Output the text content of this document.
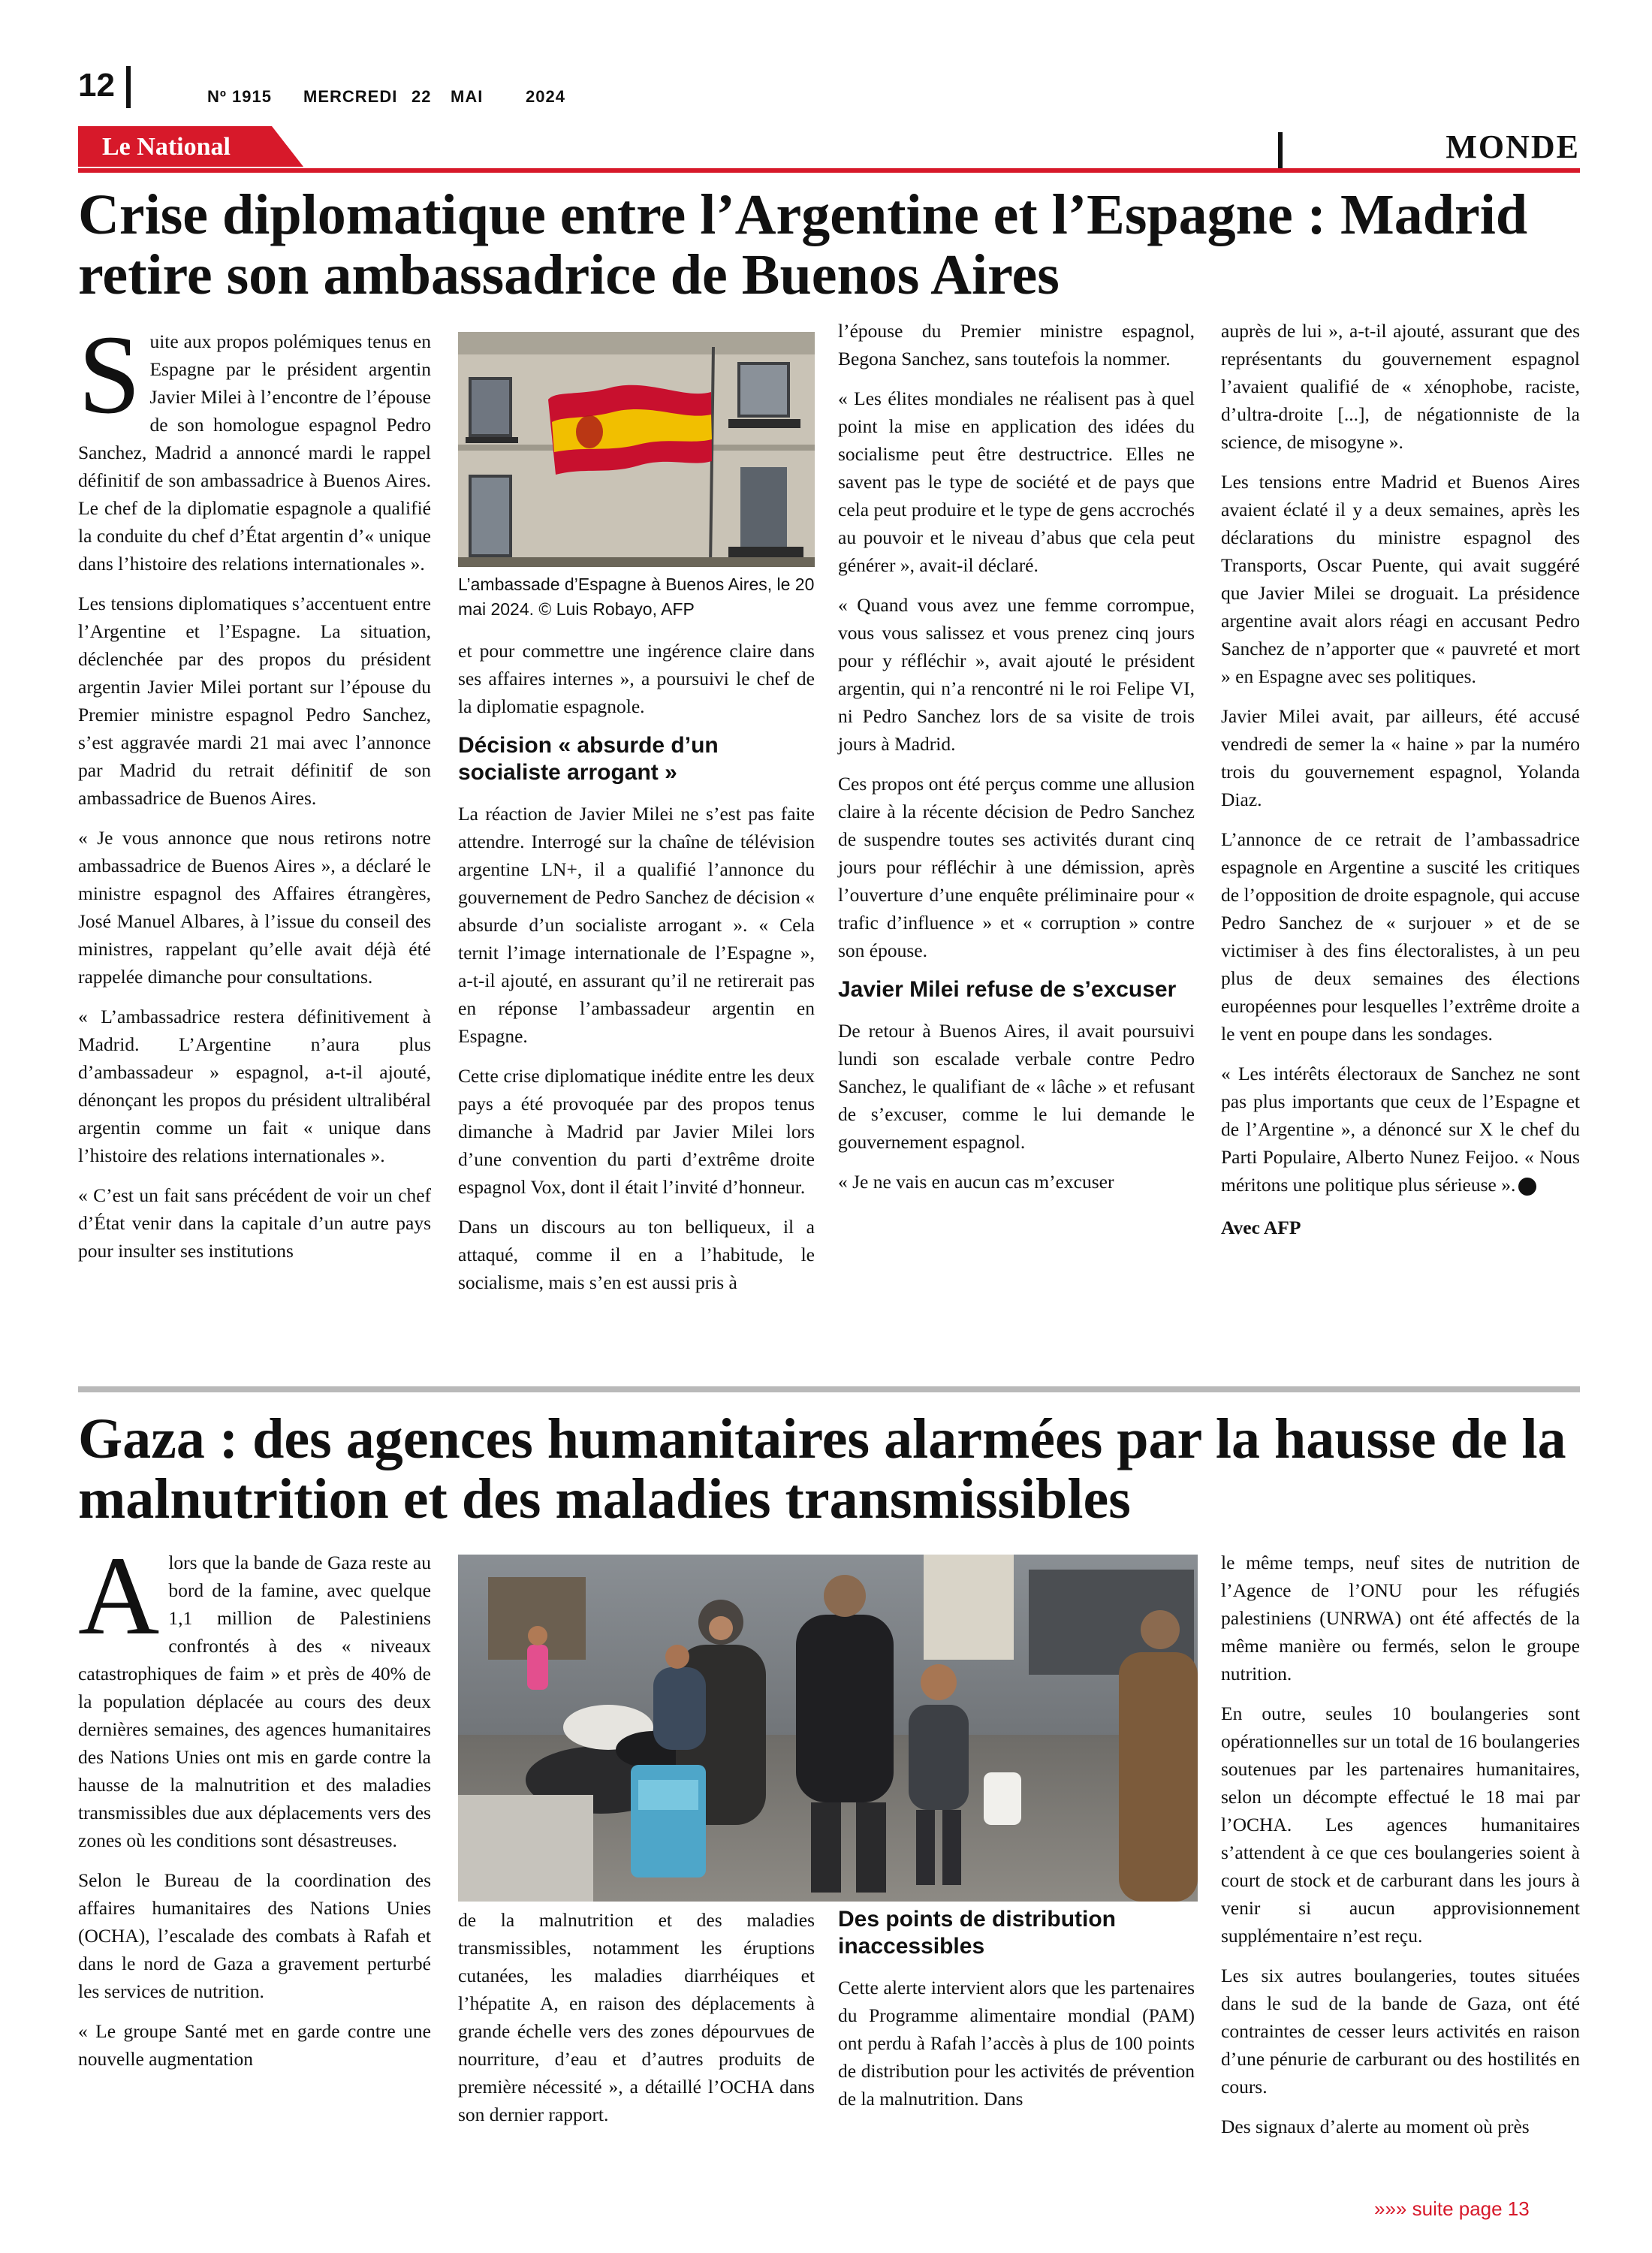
12	Nº 1915 MERCREDI 22 MAI	2024
Le National	MONDE
Crise diplomatique entre l’Argentine et l’Espagne : Madrid retire son ambassadrice de Buenos Aires

Suite aux propos polémiques tenus en Espagne par le président argentin Javier Milei à l’encontre de l’épouse de son homologue espagnol Pedro Sanchez, Madrid a annoncé mardi le rappel définitif de son ambassadrice à Buenos Aires. Le chef de la diplomatie espagnole a qualifié la conduite du chef d’État argentin d’« unique dans l’histoire des relations internationales ».

Les tensions diplomatiques s’accentuent entre l’Argentine et l’Espagne. La situation, déclenchée par des propos du président argentin Javier Milei portant sur l’épouse du Premier ministre espagnol Pedro Sanchez, s’est aggravée mardi 21 mai avec l’annonce par Madrid du retrait définitif de son ambassadrice de Buenos Aires.

« Je vous annonce que nous retirons notre ambassadrice de Buenos Aires », a déclaré le ministre espagnol des Affaires étrangères, José Manuel Albares, à l’issue du conseil des ministres, rappelant qu’elle avait déjà été rappelée dimanche pour consultations.

« L’ambassadrice restera définitivement à Madrid. L’Argentine n’aura plus d’ambassadeur » espagnol, a-t-il ajouté, dénonçant les propos du président ultralibéral argentin comme un fait « unique dans l’histoire des relations internationales ».

« C’est un fait sans précédent de voir un chef d’État venir dans la capitale d’un autre pays pour insulter ses institutions

L’ambassade d’Espagne à Buenos Aires, le 20 mai 2024. © Luis Robayo, AFP

et pour commettre une ingérence claire dans ses affaires internes », a poursuivi le chef de la diplomatie espagnole.

Décision « absurde d’un socialiste arrogant »

La réaction de Javier Milei ne s’est pas faite attendre. Interrogé sur la chaîne de télévision argentine LN+, il a qualifié l’annonce du gouvernement de Pedro Sanchez de décision « absurde d’un socialiste arrogant ». « Cela ternit l’image internationale de l’Espagne », a-t-il ajouté, en assurant qu’il ne retirerait pas en réponse l’ambassadeur argentin en Espagne.

Cette crise diplomatique inédite entre les deux pays a été provoquée par des propos tenus dimanche à Madrid par Javier Milei lors d’une convention du parti d’extrême droite espagnol Vox, dont il était l’invité d’honneur.

Dans un discours au ton belliqueux, il a attaqué, comme il en a l’habitude, le socialisme, mais s’en est aussi pris à

l’épouse du Premier ministre espagnol, Begona Sanchez, sans toutefois la nommer.

« Les élites mondiales ne réalisent pas à quel point la mise en application des idées du socialisme peut être destructrice. Elles ne savent pas le type de société et de pays que cela peut produire et le type de gens accrochés au pouvoir et le niveau d’abus que cela peut générer », avait-il déclaré.

« Quand vous avez une femme corrompue, vous vous salissez et vous prenez cinq jours pour y réfléchir », avait ajouté le président argentin, qui n’a rencontré ni le roi Felipe VI, ni Pedro Sanchez lors de sa visite de trois jours à Madrid.

Ces propos ont été perçus comme une allusion claire à la récente décision de Pedro Sanchez de suspendre toutes ses activités durant cinq jours pour réfléchir à une démission, après l’ouverture d’une enquête préliminaire pour « trafic d’influence » et « corruption » contre son épouse.

Javier Milei refuse de s’excuser

De retour à Buenos Aires, il avait poursuivi lundi son escalade verbale contre Pedro Sanchez, le qualifiant de « lâche » et refusant de s’excuser, comme le lui demande le gouvernement espagnol.

« Je ne vais en aucun cas m’excuser

auprès de lui », a-t-il ajouté, assurant que des représentants du gouvernement espagnol l’avaient qualifié de « xénophobe, raciste, d’ultra-droite [...], de négationniste de la science, de misogyne ».

Les tensions entre Madrid et Buenos Aires avaient éclaté il y a deux semaines, après les déclarations du ministre espagnol des Transports, Oscar Puente, qui avait suggéré que Javier Milei se droguait. La présidence argentine avait alors réagi en accusant Pedro Sanchez de n’apporter que « pauvreté et mort » en Espagne avec ses politiques.

Javier Milei avait, par ailleurs, été accusé vendredi de semer la « haine » par la numéro trois du gouvernement espagnol, Yolanda Diaz.

L’annonce de ce retrait de l’ambassadrice espagnole en Argentine a suscité les critiques de l’opposition de droite espagnole, qui accuse Pedro Sanchez de « surjouer » et de se victimiser à des fins électoralistes, à un peu plus de deux semaines des élections européennes pour lesquelles l’extrême droite a le vent en poupe dans les sondages.

« Les intérêts électoraux de Sanchez ne sont pas plus importants que ceux de l’Espagne et de l’Argentine », a dénoncé sur X le chef du Parti Populaire, Alberto Nunez Feijoo. « Nous méritons une politique plus sérieuse ».

Avec AFP

Gaza : des agences humanitaires alarmées par la hausse de la malnutrition et des maladies transmissibles

Alors que la bande de Gaza reste au bord de la famine, avec quelque 1,1 million de Palestiniens confrontés à des « niveaux catastrophiques de faim » et près de 40% de la population déplacée au cours des deux dernières semaines, des agences humanitaires des Nations Unies ont mis en garde contre la hausse de la malnutrition et des maladies transmissibles due aux déplacements vers des zones où les conditions sont désastreuses.

Selon le Bureau de la coordination des affaires humanitaires des Nations Unies (OCHA), l’escalade des combats à Rafah et dans le nord de Gaza a gravement perturbé les services de nutrition.

« Le groupe Santé met en garde contre une nouvelle augmentation

de la malnutrition et des maladies transmissibles, notamment les éruptions cutanées, les maladies diarrhéiques et l’hépatite A, en raison des déplacements à grande échelle vers des zones dépourvues de nourriture, d’eau et d’autres produits de première nécessité », a détaillé l’OCHA dans son dernier rapport.

Des points de distribution inaccessibles

Cette alerte intervient alors que les partenaires du Programme alimentaire mondial (PAM) ont perdu à Rafah l’accès à plus de 100 points de distribution pour les activités de prévention de la malnutrition. Dans

le même temps, neuf sites de nutrition de l’Agence de l’ONU pour les réfugiés palestiniens (UNRWA) ont été affectés de la même manière ou fermés, selon le groupe nutrition.

En outre, seules 10 boulangeries sont opérationnelles sur un total de 16 boulangeries soutenues par les partenaires humanitaires, selon un décompte effectué le 18 mai par l’OCHA. Les agences humanitaires s’attendent à ce que ces boulangeries soient à court de stock et de carburant dans les jours à venir si aucun approvisionnement supplémentaire n’est reçu.

Les six autres boulangeries, toutes situées dans le sud de la bande de Gaza, ont été contraintes de cesser leurs activités en raison d’une pénurie de carburant ou des hostilités en cours.

Des signaux d’alerte au moment où près

»»» suite page 13
